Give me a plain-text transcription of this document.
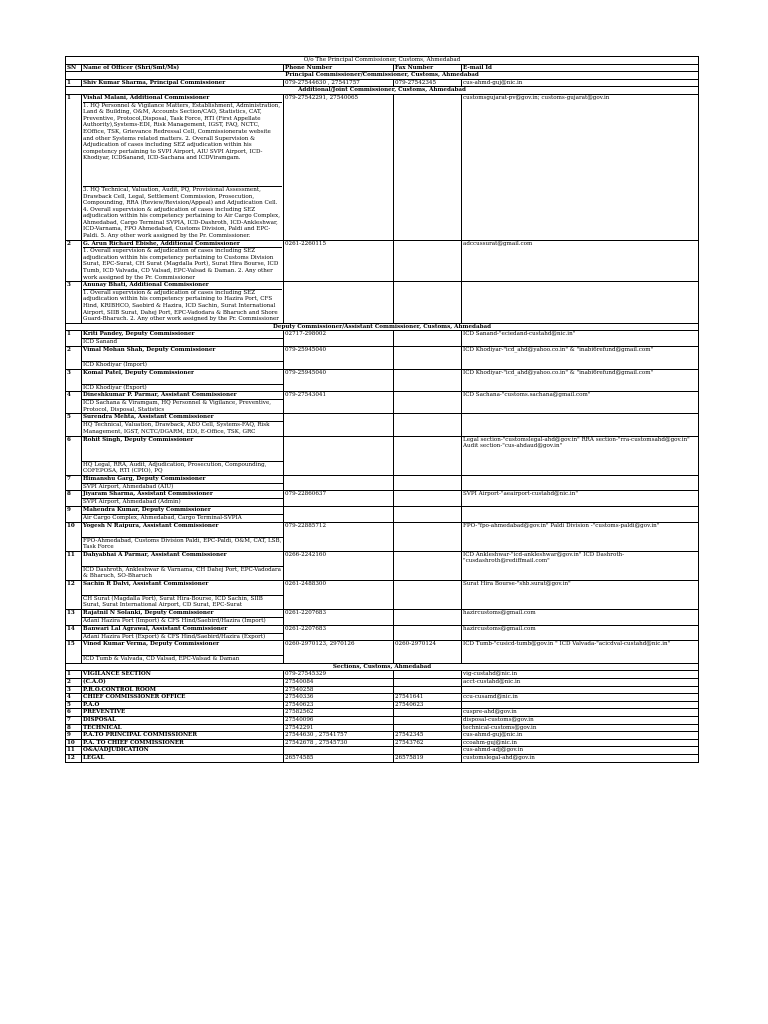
O/o The Principal Commissioner, Customs, Ahmedabad				
SN	Name of Officer (Shri/Smt/Ms)	Phone Number	Fax Number	E-mail Id
Principal Commissioner/Commissioner, Customs, Ahmedabad				
1	Shiv Kumar Sharma, Principal Commissioner	079-27544630 , 27541757	079-27542345	cus-ahmd-guj@nic.in
Additional/Joint Commissioner, Customs, Ahmedabad				
1	Vishal Malani, Additional Commissioner
1. HQ Personnel & Vigilance Matters, Establishment, Administration, Land & Building, O&M, Accounts Section/CAO, Statistics, CAT, Preventive, Protocol,Disposal, Task Force, RTI (First Appellate Authority),Systems-EDI, Risk Management, IGST, FAQ, NCTC, EOffice, TSK, Grievance Redressal Cell, Commissionerate website and other Systems related matters. 2. Overall Supervision & Adjudication of cases including SEZ adjudication within his competency pertaining to SVPI Airport, AIU SVPI Airport, ICD-Khodiyar, ICDSanand, ICD-Sachana and ICDViramgam.
3. HQ Technical, Valuation, Audit, PQ, Provisional Assessment, Drawback Cell, Legal, Settlement Commission, Prosecution, Compounding, RRA (Review/Revision/Appeal) and Adjudication Cell. 4. Overall supervision & adjudication of cases including SEZ adjudication within his competency pertaining to Air Cargo Complex, Ahmedabad, Cargo Terminal SVPIA, ICD-Dashroth, ICD-Ankleshwar, ICD-Varnama, FPO Ahmedabad, Customs Division, Paldi and EPC- Paldi. 5. Any other work assigned by the Pr. Commissioner.	079-27542291, 27540065		customsgujarat-pv@gov.in; customs-gujarat@gov.in
2	G. Arun Richard Ebishe, Additional Commissioner
1. Overall supervision & adjudication of cases including SEZ adjudication within his competency pertaining to Customs Division Surat, EPC-Surat, CH Surat (Magdalla Port), Surat Hira Bourse, ICD Tumb, ICD Valvada, CD Valsad, EPC-Valsad & Daman. 2. Any other work assigned by the Pr. Commissioner	0261-2260115		adccussurat@gmail.com
3	Anunay Bhati, Additional Commissioner
1. Overall supervision & adjudication of cases including SEZ adjudication within his competency pertaining to Hazira Port, CFS Hind, KRIBHCO, Saebird & Hazira, ICD Sachin, Surat International Airport, SIIB Surat, Dahej Port, EPC-Vadodara & Bharuch and Shore Guard-Bharuch. 2. Any other work assigned by the Pr. Commissioner			

Deputy Commissioner/Assistant Commissioner, Customs, Ahmedabad				
1	Kriti Pandey, Deputy Commissioner	02717-298002		ICD Sanand-"eciedand-custahd@nic.in"
	ICD Sanand			
2	Vimal Mohan Shah, Deputy Commissioner	079-25945040		ICD Khodiyar-"icd_ahd@yahoo.co.in" & "inabi6refund@gmail.com"
	ICD Khodiyar (Import)			
3	Komal Patel, Deputy Commissioner	079-25945040		ICD Khodiyar-"icd_ahd@yahoo.co.in" & "inabi6refund@gmail.com"
	ICD Khodiyar (Export)			
4	Dineshkumar P. Parmar, Assistant Commissioner	079-27543041		ICD Sachana-"customs.sachana@gmail.com"
	ICD Sachana & Viramgam, HQ Personnel & Vigilance, Preventive, Protocol, Disposal, Statistics			
5	Surendra Mehta, Assistant Commissioner			
	HQ Technical, Valuation, Drawback, AEO Cell, Systems-FAQ, Risk Management, IGST, NCTC/DGARM, EDI, E-Office, TSK, GRC			
6	Rohit Singh, Deputy Commissioner			Legal section-"customslegal-ahd@gov.in" RRA section-"rra-customsahd@gov.in" Audit section-"cus-ahdaud@gov.in"
	HQ Legal, RRA, Audit, Adjudication, Prosecution, Compounding, COFEPOSA, RTI (CPIO), PQ			
7	Himanshu Garg, Deputy Commissioner			
	SVPI Airport, Ahmedabad (AIU)			
8	Jiyaram Sharma, Assistant Commissioner	079-22860637		SVPI Airport-"aeairport-custahd@nic.in"
	SVPI Airport, Ahmedabad (Admin)			
9	Mahendra Kumar, Deputy Commissioner			
	Air Cargo Complex, Ahmedabad, Cargo Terminal-SVPIA			
10	Yogesh N Raipura, Assistant Commissioner	079-22885712		FPO-"fpo-ahmedabad@gov.in" Paldi Division -"customs-paldi@gov.in"
	FPO-Ahmedabad, Customs Division Paldi, EPC-Paldi, O&M, CAT, LSB, Task Force			
11	Dahyabhai A Parmar, Assistant Commissioner	0266-2242160		ICD Ankleshwar-"icd-ankleshwar@gov.in" ICD Dashroth-"cusdashroth@rediffmail.com"
	ICD Dashroth, Ankleshwar & Varnama, CH Dahej Port, EPC-Vadodara & Bharuch, SO-Bharuch			
12	Sachin R Dalvi, Assistant Commissioner	0261-2488300		Surat Hira Bourse-"shb.surat@gov.in"
	CH Surat (Magdalla Port), Surat Hira-Bourse, ICD Sachin, SIIB Surat, Surat International Airport, CD Surat, EPC-Surat			
13	Rajatnil N Solanki, Deputy Commissioner	0261-2207683		hazircustoms@gmail.com
	Adani Hazira Port (Import) & CFS Hind/Saebird/Hazira (Import)			
14	Banwari Lal Agrawal, Assistant Commissioner	0261-2207683		hazircustoms@gmail.com
	Adani Hazira Port (Export) & CFS Hind/Saebird/Hazira (Export)			
15	Vinod Kumar Verma, Deputy Commissioner	0260-2970123, 2970126	0260-2970124	ICD Tumb-"cusicd-tumb@gov.in " ICD Valvada-"acicdval-custahd@nic.in"
	ICD Tumb & Valvada, CD Valsad, EPC-Valsad & Daman			
Sections, Customs, Ahmedabad				
1	VIGILANCE SECTION	079-27545329		vig-custahd@nic.in
2	(C.A.O)	27540084		acct-custahd@nic.in
3	P.R.O.CONTROL ROOM	27540258		
4	CHIEF COMMISSIONER OFFICE	27540336	27541641	ccu-cusamd@nic.in
5	P.A.O	27540623	27540623	
6	PREVENTIVE	27582562		cuspre-ahd@gov.in
7	DISPOSAL	27540096		disposal-customs@gov.in
8	TECHNICAL	27542291		technical-customs@gov.in
9	P.A.TO PRINCIPAL COMMISSIONER	27544630 , 27541757	27542345	cus-ahmd-guj@nic.in
10	P.A. TO CHIEF COMMISSIONER	27542678 , 27545730	27543762	ccoahm-guj@nic.in
11	O&A/ADJUDICATION			cus-ahmd-adj@gov.in
12	LEGAL	26574585	26575819	customslegal-ahd@gov.in
